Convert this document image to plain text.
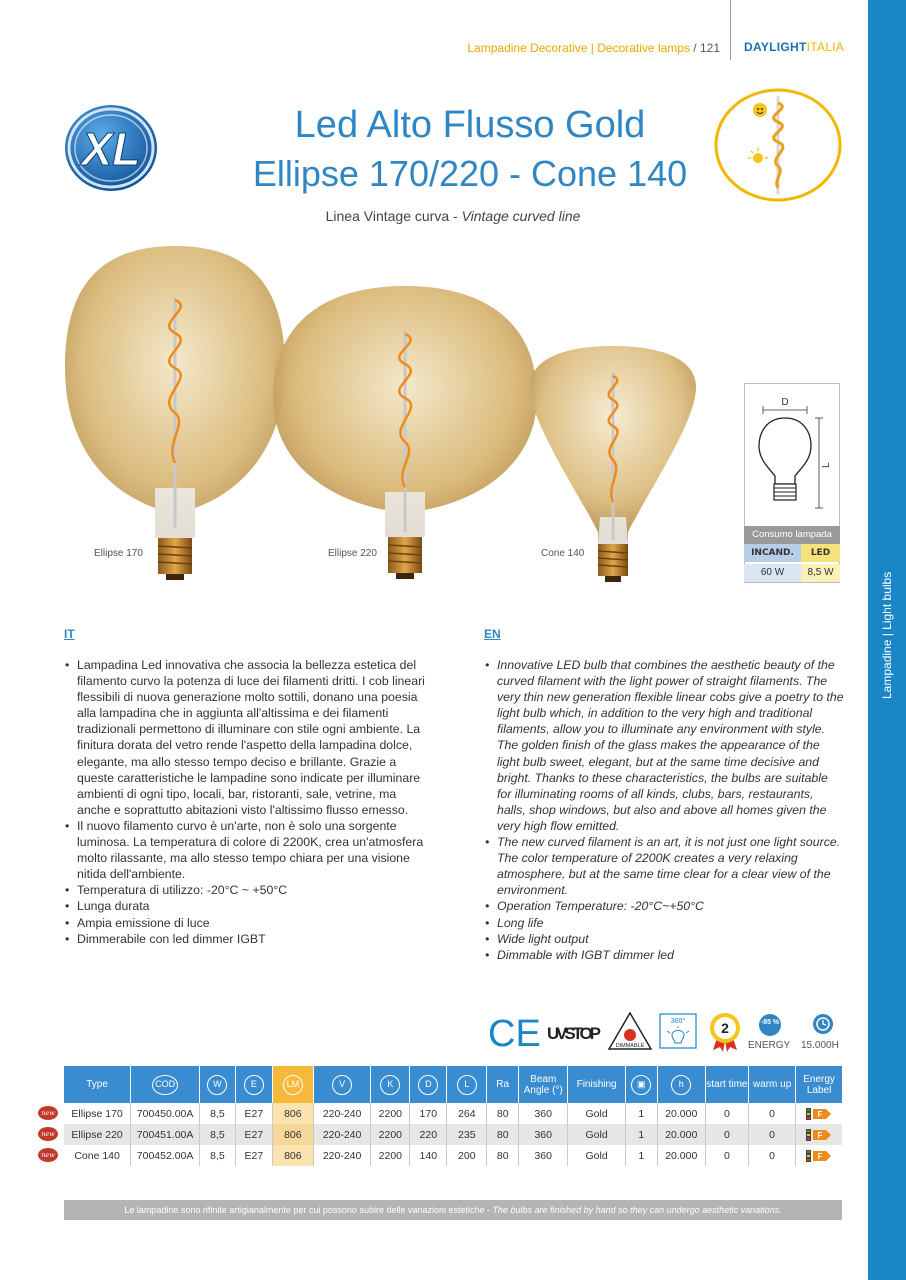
Lampadine | Light bulbs
Lampadine Decorative | Decorative lamps / 121 DAYLIGHTITALIA
XL	Led Alto Flusso Gold
Ellipse 170/220 - Cone 140
Linea Vintage curva - Vintage curved line
Ellipse 170	Ellipse 220	Cone 140
D
L
Consumo lampada
INCAND.	LED
60 W	8,5 W
IT
• Lampadina Led innovativa che associa la bellezza estetica del filamento curvo la potenza di luce dei filamenti dritti. I cob lineari flessibili di nuova generazione molto sottili, donano una poesia alla lampadina che in aggiunta all'altissima e dei filamenti tradizionali permettono di illuminare con stile ogni ambiente. La finitura dorata del vetro rende l'aspetto della lampadina dolce, elegante, ma allo stesso tempo deciso e brillante. Grazie a queste caratteristiche le lampadine sono indicate per illuminare ambienti di ogni tipo, locali, bar, ristoranti, sale, vetrine, ma anche e soprattutto abitazioni visto l'altissimo flusso emesso.
• Il nuovo filamento curvo è un'arte, non è solo una sorgente luminosa. La temperatura di colore di 2200K, crea un'atmosfera molto rilassante, ma allo stesso tempo chiara per una visione nitida dell'ambiente.
• Temperatura di utilizzo: -20°C ~ +50°C
• Lunga durata
• Ampia emissione di luce
• Dimmerabile con led dimmer IGBT
EN
• Innovative LED bulb that combines the aesthetic beauty of the curved filament with the light power of straight filaments. The very thin new generation flexible linear cobs give a poetry to the light bulb which, in addition to the very high and traditional filaments, allow you to illuminate any environment with style. The golden finish of the glass makes the appearance of the light bulb sweet, elegant, but at the same time decisive and bright. Thanks to these characteristics, the bulbs are suitable for illuminating rooms of all kinds, clubs, bars, restaurants, halls, shop windows, but also and above all homes given the very high flow emitted.
• The new curved filament is an art, it is not just one light source. The color temperature of 2200K creates a very relaxing atmosphere, but at the same time clear for a clear view of the environment.
• Operation Temperature: -20°C~+50°C
• Long life
• Wide light output
• Dimmable with IGBT dimmer led
CE UVSTOP
DIMMABLE
360°	2	-85 %
ENERGY 15.000H
Type	COD	W	E	LM	V	K	D	L	Ra	Beam Angle (°)	Finishing	▣	h	start time	warm up	Energy Label
Ellipse 170	700450.00A	8,5	E27	806	220-240	2200	170	264	80	360	Gold	1	20.000	0	0	F

Ellipse 220	700451.00A	8,5	E27	806	220-240	2200	220	235	80	360	Gold	1	20.000	0	0	F

Cone 140	700452.00A	8,5	E27	806	220-240	2200	140	200	80	360	Gold	1	20.000	0	0	F
new
new
new
Le lampadine sono rifinite artigianalmente per cui possono subire delle variazioni estetiche - The bulbs are finished by hand so they can undergo aesthetic variations.
